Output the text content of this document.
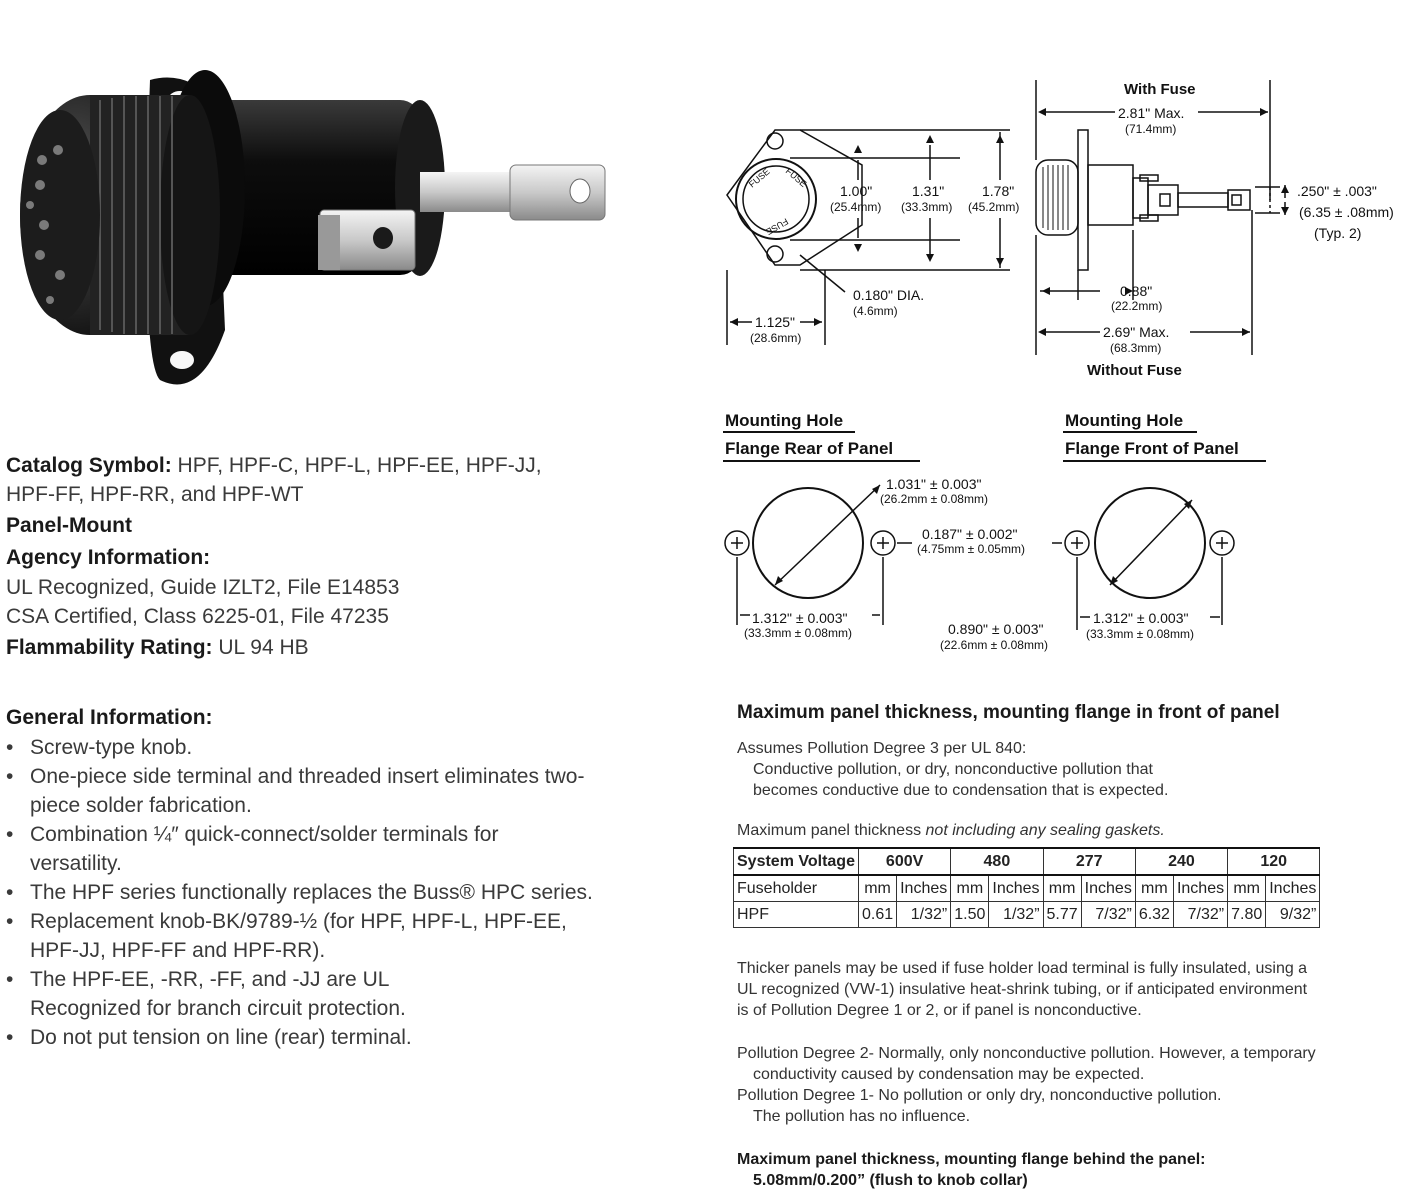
Catalog Symbol: HPF, HPF-C, HPF-L, HPF-EE, HPF-JJ,
HPF-FF, HPF-RR, and HPF-WT
Panel-Mount
Agency Information:
UL Recognized, Guide IZLT2, File E14853
CSA Certified, Class 6225-01, File 47235
Flammability Rating: UL 94 HB
General Information:
• Screw-type knob.
• One-piece side terminal and threaded insert eliminates two-
piece solder fabrication.
• Combination ¼″ quick-connect/solder terminals for
versatility.
• The HPF series functionally replaces the Buss® HPC series.
• Replacement knob-BK/9789-½ (for HPF, HPF-L, HPF-EE,
HPF-JJ, HPF-FF and HPF-RR).
• The HPF-EE, -RR, -FF, and -JJ are UL
Recognized for branch circuit protection.
• Do not put tension on line (rear) terminal.
FUSE FUSE
FUSE
With Fuse
2.81" Max.
(71.4mm)
1.00"
(25.4mm)
1.31"
(33.3mm)
1.78"
(45.2mm)
.250" ± .003"
(6.35 ± .08mm)
(Typ. 2)
0.180" DIA.
(4.6mm)
0.88"
(22.2mm)
1.125"
(28.6mm)	2.69" Max.
(68.3mm)
Without Fuse
Mounting Hole
Flange Rear of Panel
Mounting Hole
Flange Front of Panel
1.031" ± 0.003"
(26.2mm ± 0.08mm)
0.187" ± 0.002"
(4.75mm ± 0.05mm)
1.312" ± 0.003"
(33.3mm ± 0.08mm)	0.890" ± 0.003"
(22.6mm ± 0.08mm)
1.312" ± 0.003"
(33.3mm ± 0.08mm)
Maximum panel thickness, mounting flange in front of panel
Assumes Pollution Degree 3 per UL 840:
Conductive pollution, or dry, nonconductive pollution that
becomes conductive due to condensation that is expected.
Maximum panel thickness not including any sealing gaskets.
System Voltage	600V		480		277		240		120	
Fuseholder	mm	Inches	mm	Inches	mm	Inches	mm	Inches	mm	Inches
HPF	0.61	1/32”	1.50	1/32”	5.77	7/32”	6.32	7/32”	7.80	9/32”
Thicker panels may be used if fuse holder load terminal is fully insulated, using a
UL recognized (VW-1) insulative heat-shrink tubing, or if anticipated environment
is of Pollution Degree 1 or 2, or if panel is nonconductive.
Pollution Degree 2- Normally, only nonconductive pollution. However, a temporary
conductivity caused by condensation may be expected.
Pollution Degree 1- No pollution or only dry, nonconductive pollution.
The pollution has no influence.
Maximum panel thickness, mounting flange behind the panel:
5.08mm/0.200” (flush to knob collar)
